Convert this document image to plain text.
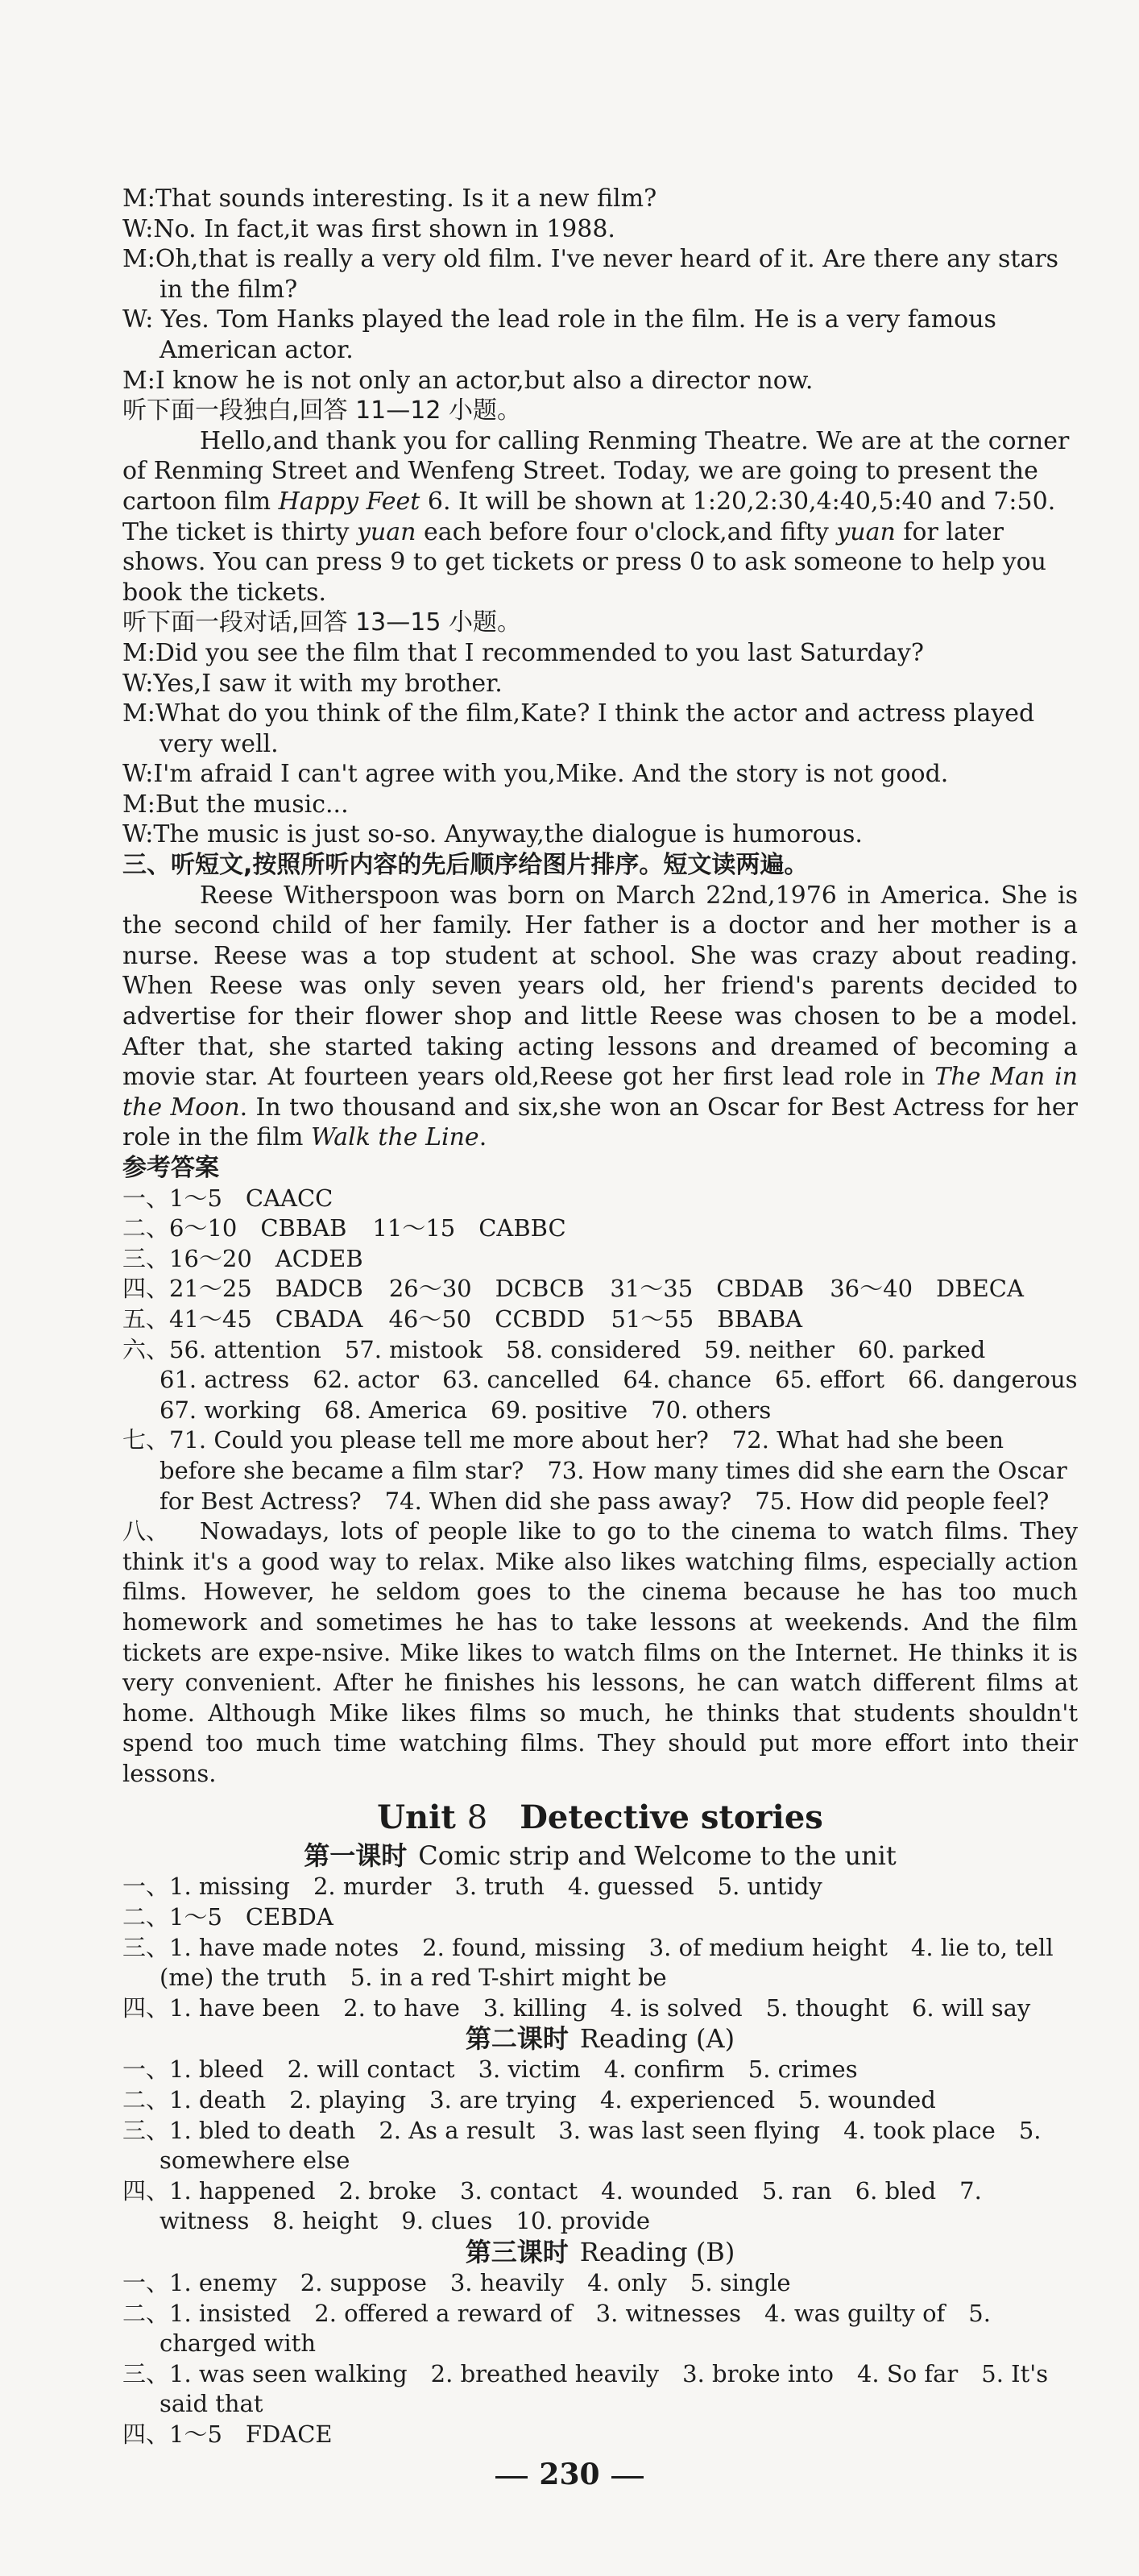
M:That sounds interesting. Is it a new film?
W:No. In fact,it was first shown in 1988.
M:Oh,that is really a very old film. I've never heard of it. Are there any stars in the film?
W: Yes. Tom Hanks played the lead role in the film. He is a very famous American actor.
M:I know he is not only an actor,but also a director now.
听下面一段独白,回答 11—12 小题。
Hello,and thank you for calling Renming Theatre. We are at the corner of Renming Street and Wenfeng Street. Today, we are going to present the cartoon film Happy Feet 6. It will be shown at 1:20,2:30,4:40,5:40 and 7:50. The ticket is thirty yuan each before four o'clock,and fifty yuan for later shows. You can press 9 to get tickets or press 0 to ask someone to help you book the tickets.
听下面一段对话,回答 13—15 小题。
M:Did you see the film that I recommended to you last Saturday?
W:Yes,I saw it with my brother.
M:What do you think of the film,Kate? I think the actor and actress played very well.
W:I'm afraid I can't agree with you,Mike. And the story is not good.
M:But the music...
W:The music is just so-so. Anyway,the dialogue is humorous.
三、听短文,按照所听内容的先后顺序给图片排序。短文读两遍。
Reese Witherspoon was born on March 22nd,1976 in America. She is the second child of her family. Her father is a doctor and her mother is a nurse. Reese was a top student at school. She was crazy about reading. When Reese was only seven years old, her friend's parents decided to advertise for their flower shop and little Reese was chosen to be a model. After that, she started taking acting lessons and dreamed of becoming a movie star. At fourteen years old,Reese got her first lead role in The Man in the Moon. In two thousand and six,she won an Oscar for Best Actress for her role in the film Walk the Line.
参考答案
一、1～5　CAACC
二、6～10　CBBAB 11～15　CABBC
三、16～20　ACDEB
四、21～25　BADCB 26～30　DCBCB 31～35　CBDAB 36～40　DBECA
五、41～45　CBADA 46～50　CCBDD 51～55　BBABA
六、56. attention　57. mistook　58. considered　59. neither　60. parked
61. actress　62. actor　63. cancelled　64. chance　65. effort　66. dangerous
67. working　68. America　69. positive　70. others
七、71. Could you please tell me more about her?　72. What had she been before she became a film star?　73. How many times did she earn the Oscar for Best Actress?　74. When did she pass away?　75. How did people feel?
八、 Nowadays, lots of people like to go to the cinema to watch films. They think it's a good way to relax. Mike also likes watching films, especially action films. However, he seldom goes to the cinema because he has too much homework and sometimes he has to take lessons at weekends. And the film tickets are expe-nsive. Mike likes to watch films on the Internet. He thinks it is very convenient. After he finishes his lessons, he can watch different films at home. Although Mike likes films so much, he thinks that students shouldn't spend too much time watching films. They should put more effort into their lessons.
Unit 8  Detective stories
第一课时 Comic strip and Welcome to the unit
一、1. missing　2. murder　3. truth　4. guessed　5. untidy
二、1～5　CEBDA
三、1. have made notes　2. found, missing　3. of medium height　4. lie to, tell (me) the truth　5. in a red T-shirt might be
四、1. have been　2. to have　3. killing　4. is solved　5. thought　6. will say
第二课时 Reading (A)
一、1. bleed　2. will contact　3. victim　4. confirm　5. crimes
二、1. death　2. playing　3. are trying　4. experienced　5. wounded
三、1. bled to death　2. As a result　3. was last seen flying　4. took place　5. somewhere else
四、1. happened　2. broke　3. contact　4. wounded　5. ran　6. bled　7. witness　8. height　9. clues　10. provide
第三课时 Reading (B)
一、1. enemy　2. suppose　3. heavily　4. only　5. single
二、1. insisted　2. offered a reward of　3. witnesses　4. was guilty of　5. charged with
三、1. was seen walking　2. breathed heavily　3. broke into　4. So far　5. It's said that
四、1～5　FDACE
230
